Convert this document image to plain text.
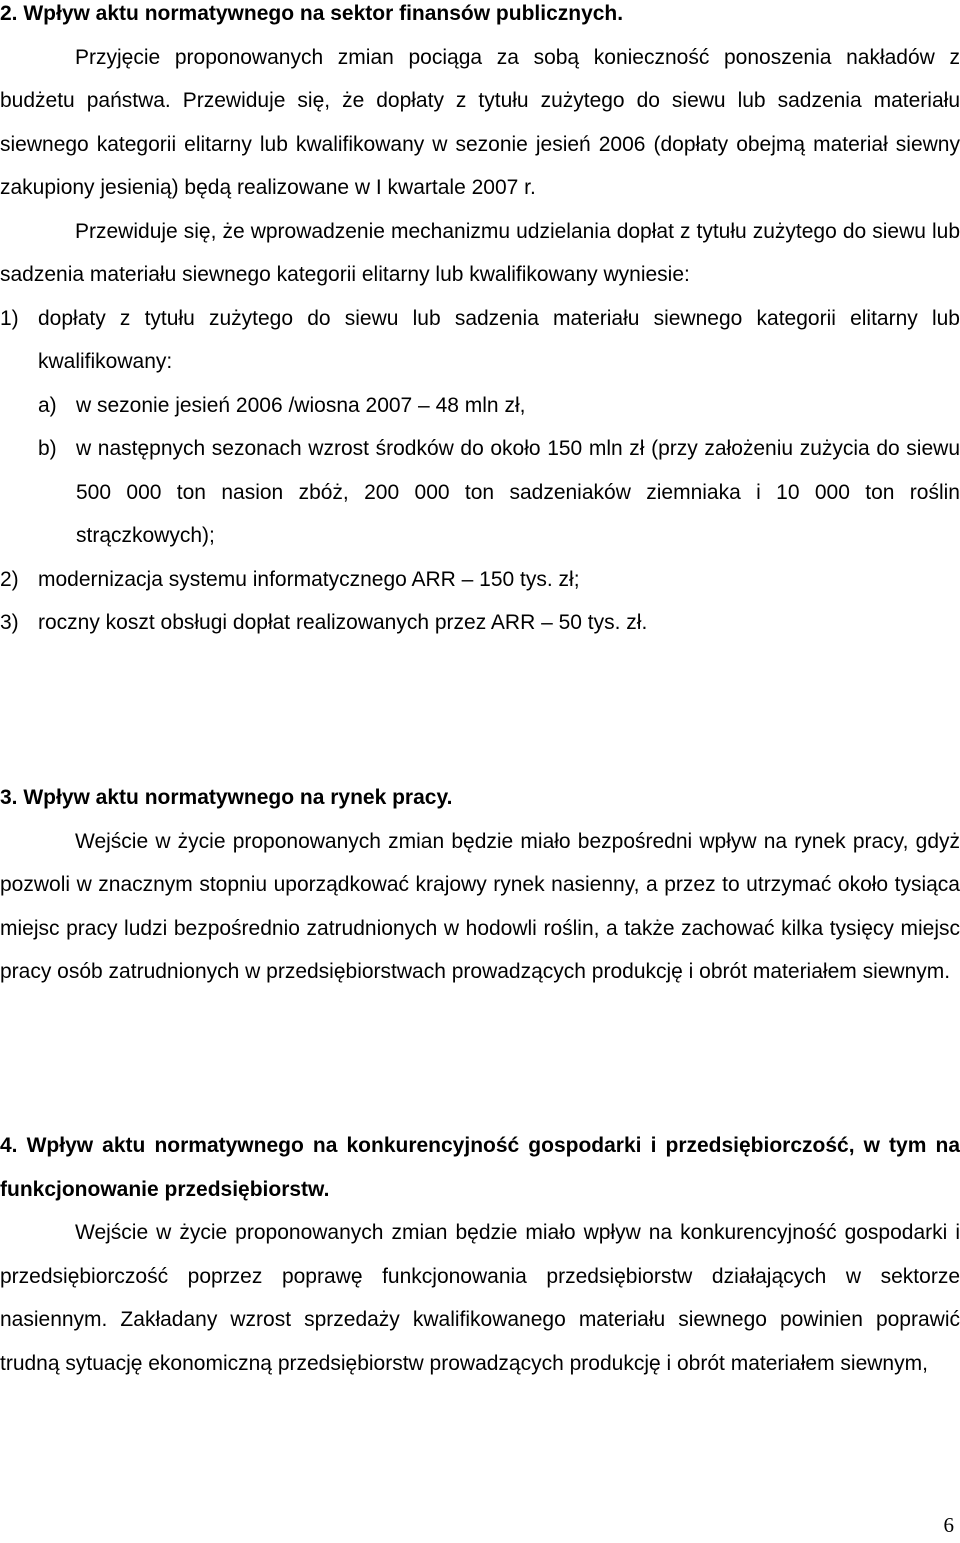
2. Wpływ aktu normatywnego na sektor finansów publicznych.

Przyjęcie proponowanych zmian pociąga za sobą konieczność ponoszenia nakładów z budżetu państwa. Przewiduje się, że dopłaty z tytułu zużytego do siewu lub sadzenia materiału siewnego kategorii elitarny lub kwalifikowany w sezonie jesień 2006 (dopłaty obejmą materiał siewny zakupiony jesienią) będą realizowane w I kwartale 2007 r.

Przewiduje się, że wprowadzenie mechanizmu udzielania dopłat z tytułu zużytego do siewu lub sadzenia materiału siewnego kategorii elitarny lub kwalifikowany wyniesie:

1) dopłaty z tytułu zużytego do siewu lub sadzenia materiału siewnego kategorii elitarny lub kwalifikowany:
a) w sezonie jesień 2006 /wiosna 2007 – 48 mln zł,
b) w następnych sezonach wzrost środków do około 150 mln zł (przy założeniu zużycia do siewu 500 000 ton nasion zbóż, 200 000 ton sadzeniaków ziemniaka i 10 000 ton roślin strączkowych);
2) modernizacja systemu informatycznego ARR – 150 tys. zł;
3) roczny koszt obsługi dopłat realizowanych przez ARR – 50 tys. zł.

3. Wpływ aktu normatywnego na rynek pracy.

Wejście w życie proponowanych zmian będzie miało bezpośredni wpływ na rynek pracy, gdyż pozwoli w znacznym stopniu uporządkować krajowy rynek nasienny, a przez to utrzymać około tysiąca miejsc pracy ludzi bezpośrednio zatrudnionych w hodowli roślin, a także zachować kilka tysięcy miejsc pracy osób zatrudnionych w przedsiębiorstwach prowadzących produkcję i obrót materiałem siewnym.

4. Wpływ aktu normatywnego na konkurencyjność gospodarki i przedsiębiorczość, w tym na funkcjonowanie przedsiębiorstw.

Wejście w życie proponowanych zmian będzie miało wpływ na konkurencyjność gospodarki i przedsiębiorczość poprzez poprawę funkcjonowania przedsiębiorstw działających w sektorze nasiennym. Zakładany wzrost sprzedaży kwalifikowanego materiału siewnego powinien poprawić trudną sytuację ekonomiczną przedsiębiorstw prowadzących produkcję i obrót materiałem siewnym,

6
